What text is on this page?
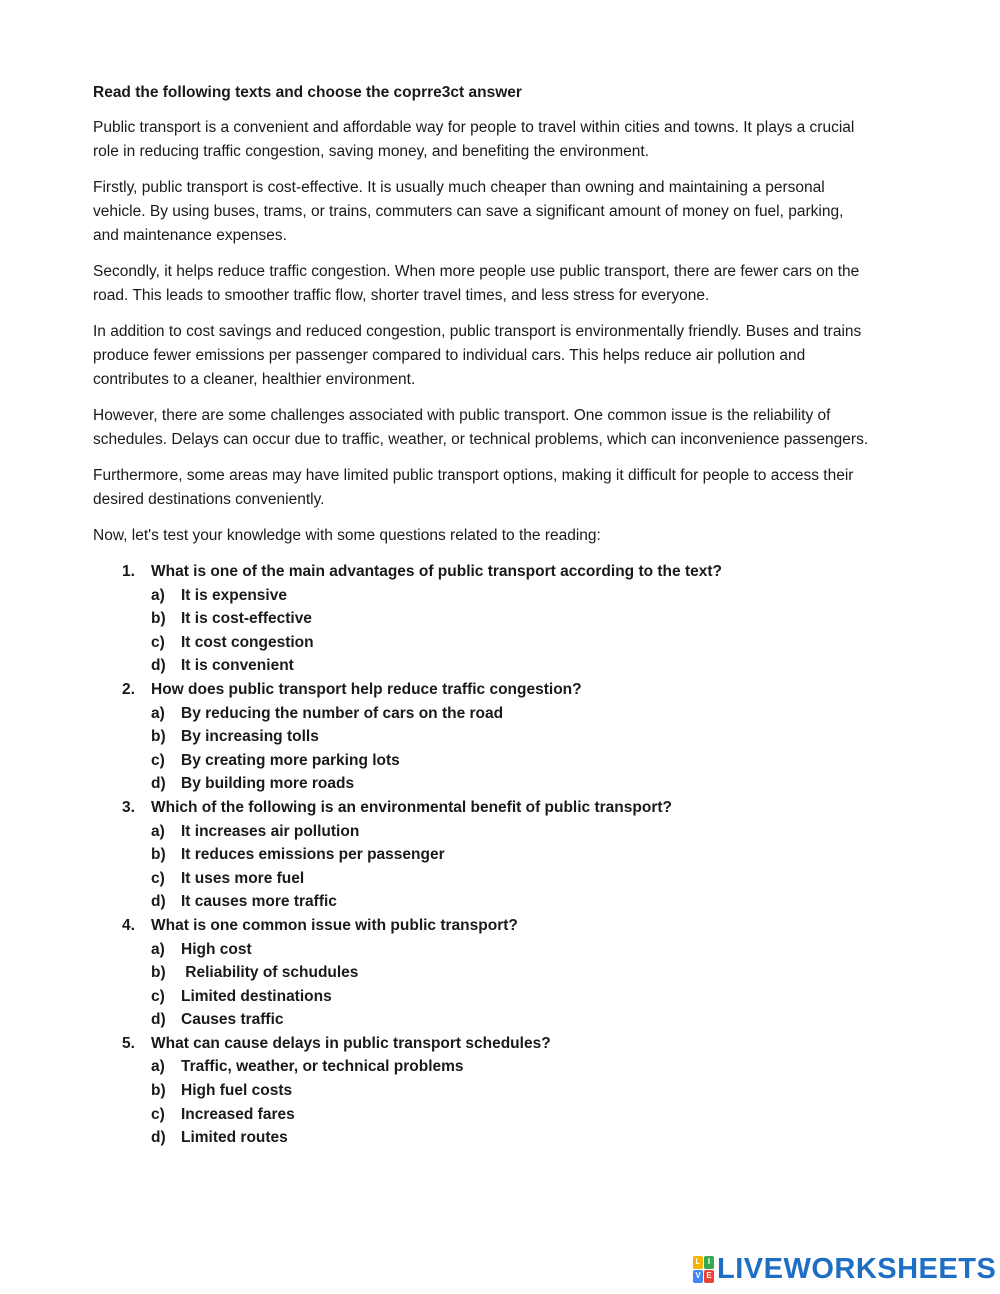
Read the following texts and choose the coprre3ct answer

Public transport is a convenient and affordable way for people to travel within cities and towns. It plays a crucial role in reducing traffic congestion, saving money, and benefiting the environment.

Firstly, public transport is cost-effective. It is usually much cheaper than owning and maintaining a personal vehicle. By using buses, trams, or trains, commuters can save a significant amount of money on fuel, parking, and maintenance expenses.

Secondly, it helps reduce traffic congestion. When more people use public transport, there are fewer cars on the road. This leads to smoother traffic flow, shorter travel times, and less stress for everyone.

In addition to cost savings and reduced congestion, public transport is environmentally friendly. Buses and trains produce fewer emissions per passenger compared to individual cars. This helps reduce air pollution and contributes to a cleaner, healthier environment.

However, there are some challenges associated with public transport. One common issue is the reliability of schedules. Delays can occur due to traffic, weather, or technical problems, which can inconvenience passengers.

Furthermore, some areas may have limited public transport options, making it difficult for people to access their desired destinations conveniently.

Now, let's test your knowledge with some questions related to the reading:

1. What is one of the main advantages of public transport according to the text?
a) It is expensive
b) It is cost-effective
c) It cost congestion
d) It is convenient
2. How does public transport help reduce traffic congestion?
a) By reducing the number of cars on the road
b) By increasing tolls
c) By creating more parking lots
d) By building more roads
3. Which of the following is an environmental benefit of public transport?
a) It increases air pollution
b) It reduces emissions per passenger
c) It uses more fuel
d) It causes more traffic
4. What is one common issue with public transport?
a) High cost
b) Reliability of schudules
c) Limited destinations
d) Causes traffic
5. What can cause delays in public transport schedules?
a) Traffic, weather, or technical problems
b) High fuel costs
c) Increased fares
d) Limited routes
L I
V E LIVEWORKSHEETS
